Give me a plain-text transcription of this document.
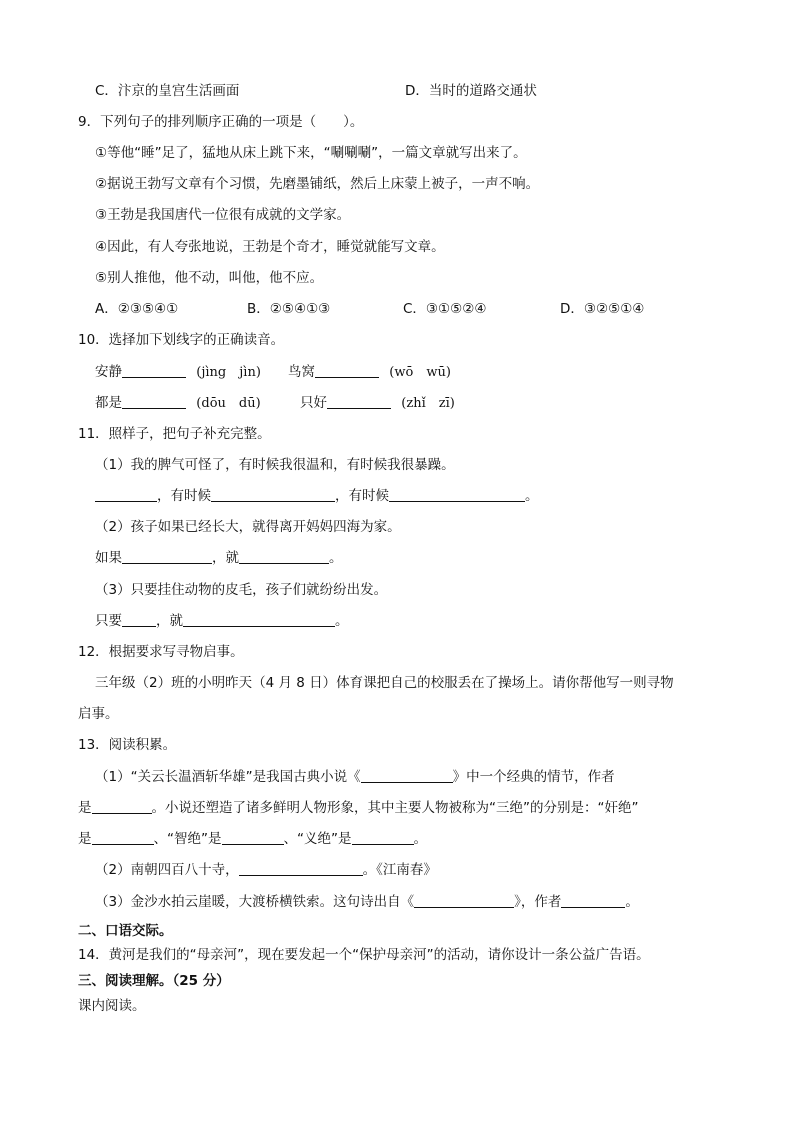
C．汴京的皇宫生活画面	D．当时的道路交通状
9．下列句子的排列顺序正确的一项是（　　）。
①等他“睡”足了，猛地从床上跳下来，“唰唰唰”，一篇文章就写出来了。
②据说王勃写文章有个习惯，先磨墨铺纸，然后上床蒙上被子，一声不响。
③王勃是我国唐代一位很有成就的文学家。
④因此，有人夸张地说，王勃是个奇才，睡觉就能写文章。
⑤别人推他，他不动，叫他，他不应。
A．②③⑤④①	B．②⑤④①③	C．③①⑤②④	D．③②⑤①④
10．选择加下划线字的正确读音。
安静	(jìng　jìn) 鸟窝	(wō　wū)
都是	(dōu　dū)	只好	(zhǐ　zī)
11．照样子，把句子补充完整。
（1）我的脾气可怪了，有时候我很温和，有时候我很暴躁。
，有时候	，有时候	。
（2）孩子如果已经长大，就得离开妈妈四海为家。
如果	，就	。
（3）只要挂住动物的皮毛，孩子们就纷纷出发。
只要	，就	。
12．根据要求写寻物启事。
三年级（2）班的小明昨天（4 月 8 日）体育课把自己的校服丢在了操场上。请你帮他写一则寻物
启事。
13．阅读积累。
（1）“关云长温酒斩华雄”是我国古典小说《	》中一个经典的情节，作者
是	。小说还塑造了诸多鲜明人物形象，其中主要人物被称为“三绝”的分别是：“奸绝”
是	、“智绝”是	、“义绝”是	。
（2）南朝四百八十寺，	。《江南春》
（3）金沙水拍云崖暖，大渡桥横铁索。这句诗出自《	》，作者	。
二、口语交际。
14．黄河是我们的“母亲河”，现在要发起一个“保护母亲河”的活动，请你设计一条公益广告语。
三、阅读理解。（25 分）
课内阅读。
